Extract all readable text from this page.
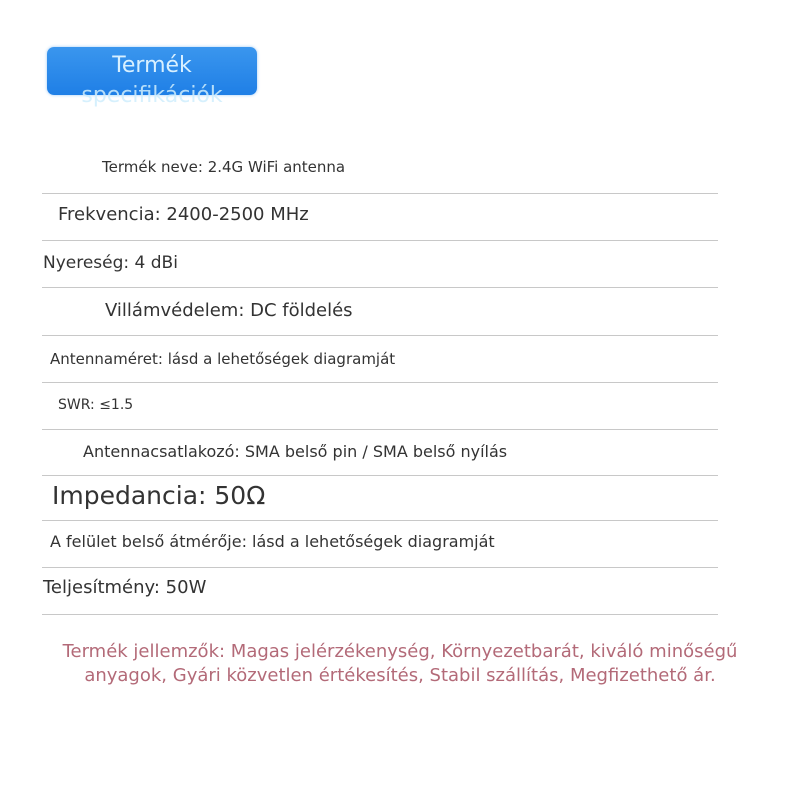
Termék
specifikációk
Termék neve: 2.4G WiFi antenna
Frekvencia: 2400-2500 MHz
Nyereség: 4 dBi
Villámvédelem: DC földelés
Antennaméret: lásd a lehetőségek diagramját
SWR: ≤1.5
Antennacsatlakozó: SMA belső pin / SMA belső nyílás
Impedancia: 50Ω
A felület belső átmérője: lásd a lehetőségek diagramját
Teljesítmény: 50W
Termék jellemzők: Magas jelérzékenység, Környezetbarát, kiváló minőségű anyagok, Gyári közvetlen értékesítés, Stabil szállítás, Megfizethető ár.
